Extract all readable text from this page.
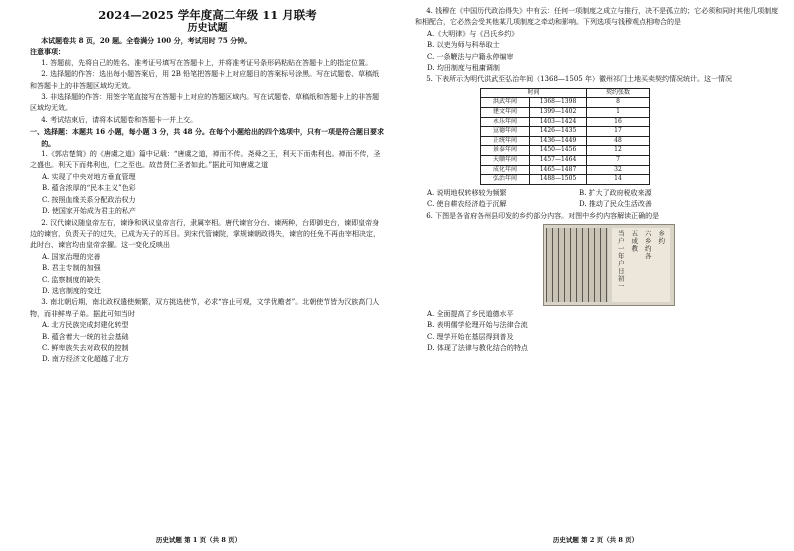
2024—2025 学年度高二年级 11 月联考
历史试题

本试题卷共 8 页，20 题。全卷满分 100 分，考试用时 75 分钟。

注意事项：

1. 答题前，先将自己的姓名、准考证号填写在答题卡上，并将准考证号条形码粘贴在答题卡上的指定位置。

2. 选择题的作答：选出每小题答案后，用 2B 铅笔把答题卡上对应题目的答案标号涂黑。写在试题卷、草稿纸和答题卡上的非答题区域均无效。

3. 非选择题的作答：用签字笔直接写在答题卡上对应的答题区域内。写在试题卷、草稿纸和答题卡上的非答题区域均无效。

4. 考试结束后，请将本试题卷和答题卡一并上交。

一、选择题：本题共 16 小题，每小题 3 分，共 48 分。在每个小题给出的四个选项中，只有一项是符合题目要求的。

1.《郭店楚简》的《唐虞之道》篇中记载：“唐虞之道，禅而不传。尧舜之王，利天下而弗利也。禅而不传，圣之盛也。利天下而弗利也，仁之至也。故昔贤仁圣者如此。”据此可知唐虞之道

A. 实现了中央对地方垂直管理

B. 蕴含浓厚的“民本主义”色彩

C. 按照血缘关系分配政治权力

D. 使国家开始成为君主的私产

2. 汉代谏议随皇帝左右，谏诤和讽议皇帝言行，隶属宰相。唐代谏官分台、谏两种，台即御史台，谏即皇帝身边的谏官，负责天子的过失，已成为天子的耳目。到宋代管谏院，掌规谏朝政得失，谏官的任免不再由宰相决定，此时台、谏官均由皇帝亲擢。这一变化反映出

A. 国家治理的完善

B. 君主专制的加强

C. 监察制度的缺失

D. 选官制度的变迁

3. 南北朝后期，南北政权遣使频繁，双方挑选使节，必求“容止可观，文学优赡者”。北朝使节皆为汉族高门人物，而非鲜卑子弟。据此可知当时

A. 北方民族完成封建化转型

B. 蕴含着大一统的社会基础

C. 鲜卑族失去对政权的控制

D. 南方经济文化超越了北方

历史试题 第 1 页（共 8 页）

4. 钱穆在《中国历代政治得失》中有云：任何一项制度之成立与推行，决不是孤立的；它必须和同时其他几项制度和相配合，它必然会受其他某几项制度之牵动和影响。下列选项与钱穆观点相吻合的是

A.《大明律》与《吕氏乡约》

B. 以吏为师与科举取士

C. 一条鞭法与户籍永停编审

D. 均田制度与租庸调制

5. 下表所示为明代洪武至弘治年间（1368—1505 年）徽州祁门土地买卖契约情况统计。这一情况

时间		契约张数
洪武年间	1368—1398	8
建文年间	1399—1402	1
永乐年间	1403—1424	16
宣德年间	1426—1435	17
正统年间	1436—1449	48
景泰年间	1450—1456	12
天顺年间	1457—1464	7
成化年间	1465—1487	32
弘治年间	1488—1505	14
A. 说明地权转移较为频繁	B. 扩大了政府税收来源
C. 使自耕农经济趋于沉解	D. 推动了民众生活改善

6. 下图是各省府各州县印发的乡约部分内容。对图中乡约内容解读正确的是

当户一年户日初一 五成教 六乡约各 乡约

A. 全面提高了乡民道德水平

B. 表明儒学伦理开始与法律合流

C. 理学开始在基层得到普及

D. 体现了法律与教化结合的特点

历史试题 第 2 页（共 8 页）
